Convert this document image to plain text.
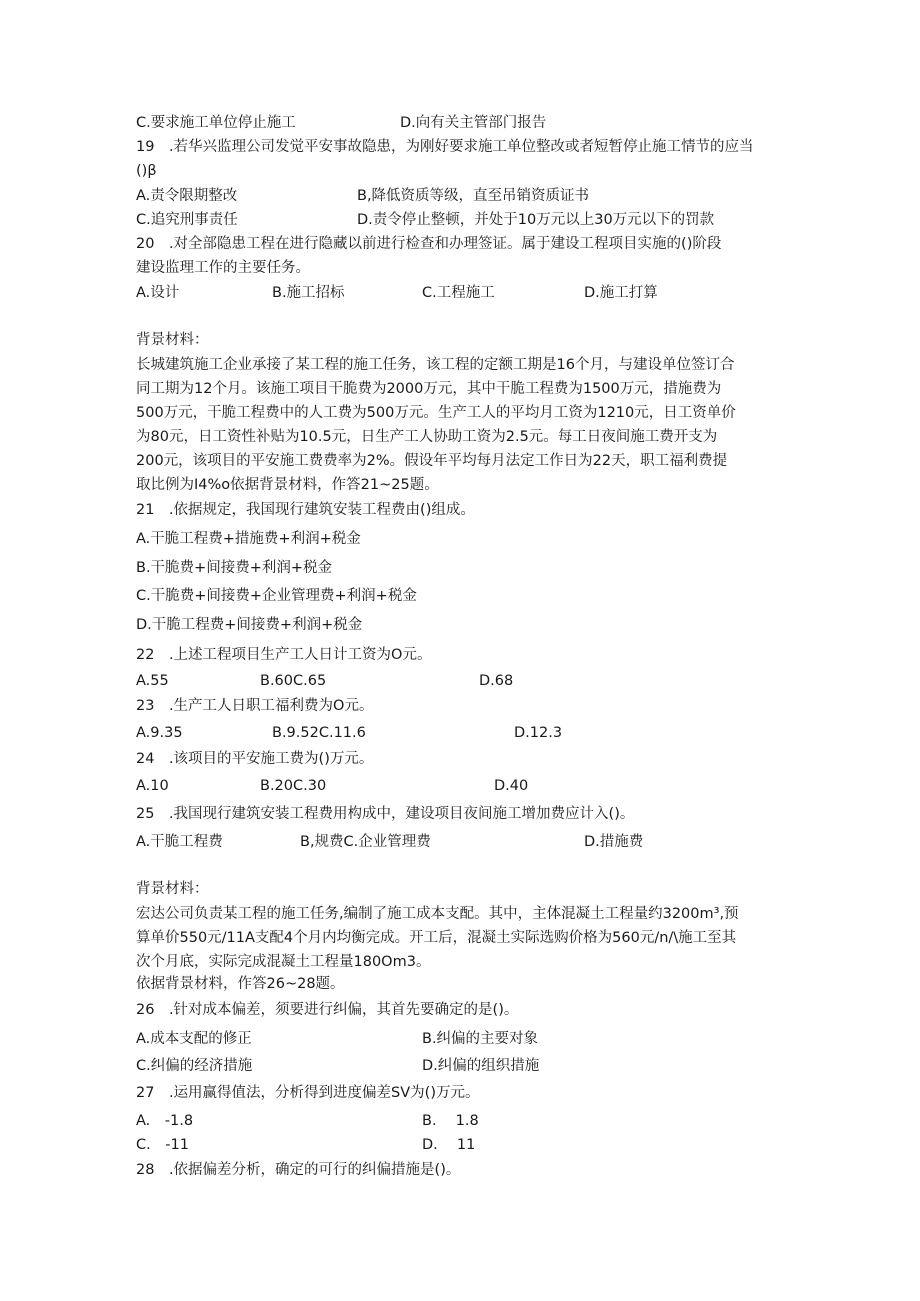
C.要求施工单位停止施工	D.向有关主管部门报告
19　.若华兴监理公司发觉平安事故隐患，为刚好要求施工单位整改或者短暂停止施工情节的应当
()β
A.责令限期整改	B,降低资质等级，直至吊销资质证书
C.追究刑事责任	D.责令停止整顿，并处于10万元以上30万元以下的罚款
20　.对全部隐患工程在进行隐藏以前进行检查和办理签证。属于建设工程项目实施的()阶段
建设监理工作的主要任务。
A.设计	B.施工招标	C.工程施工	D.施工打算
背景材料：
长城建筑施工企业承接了某工程的施工任务，该工程的定额工期是16个月，与建设单位签订合
同工期为12个月。该施工项目干脆费为2000万元，其中干脆工程费为1500万元，措施费为
500万元，干脆工程费中的人工费为500万元。生产工人的平均月工资为1210元，日工资单价
为80元，日工资性补贴为10.5元，日生产工人协助工资为2.5元。每工日夜间施工费开支为
200元，该项目的平安施工费费率为2%。假设年平均每月法定工作日为22天，职工福利费提
取比例为I4%o依据背景材料，作答21~25题。
21　.依据规定，我国现行建筑安装工程费由()组成。
A.干脆工程费+措施费+利润+税金
B.干脆费+间接费+利润+税金
C.干脆费+间接费+企业管理费+利润+税金
D.干脆工程费+间接费+利润+税金
22　.上述工程项目生产工人日计工资为O元。
A.55	B.60C.65	D.68
23　.生产工人日职工福利费为O元。
A.9.35	B.9.52C.11.6	D.12.3
24　.该项目的平安施工费为()万元。
A.10	B.20C.30	D.40
25　.我国现行建筑安装工程费用构成中，建设项目夜间施工增加费应计入()。
A.干脆工程费	B,规费C.企业管理费	D.措施费
背景材料：
宏达公司负责某工程的施工任务,编制了施工成本支配。其中，主体混凝土工程量约3200m³,预
算单价550元/11A支配4个月内均衡完成。开工后，混凝土实际选购价格为560元/n/\施工至其
次个月底，实际完成混凝土工程量180Om3。
依据背景材料，作答26~28题。
26　.针对成本偏差，须要进行纠偏，其首先要确定的是()。
A.成本支配的修正	B.纠偏的主要对象
C.纠偏的经济措施	D.纠偏的组织措施
27　.运用赢得值法，分析得到进度偏差SV为()万元。
A.　-1.8	B.　 1.8
C.　-11	D.　 11
28　.依据偏差分析，确定的可行的纠偏措施是()。
